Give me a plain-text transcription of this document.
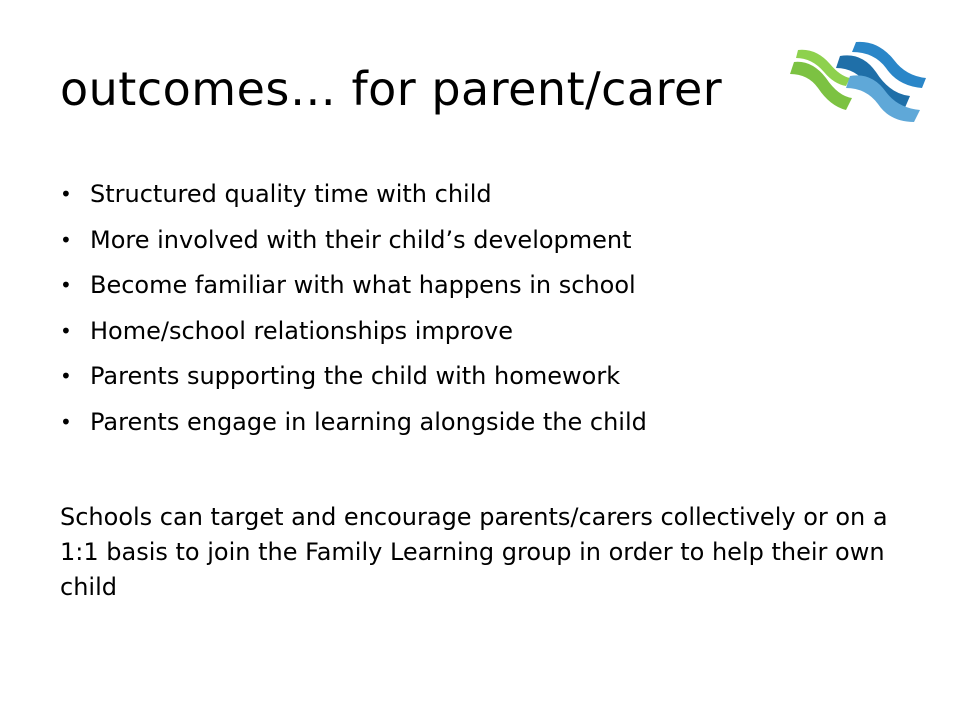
outcomes… for parent/carer
• Structured quality time with child
• More involved with their child’s development
• Become familiar with what happens in school
• Home/school relationships improve
• Parents supporting the child with homework
• Parents engage in learning alongside the child

Schools can target and encourage parents/carers collectively or on a 1:1 basis to join the Family Learning group in order to help their own child
